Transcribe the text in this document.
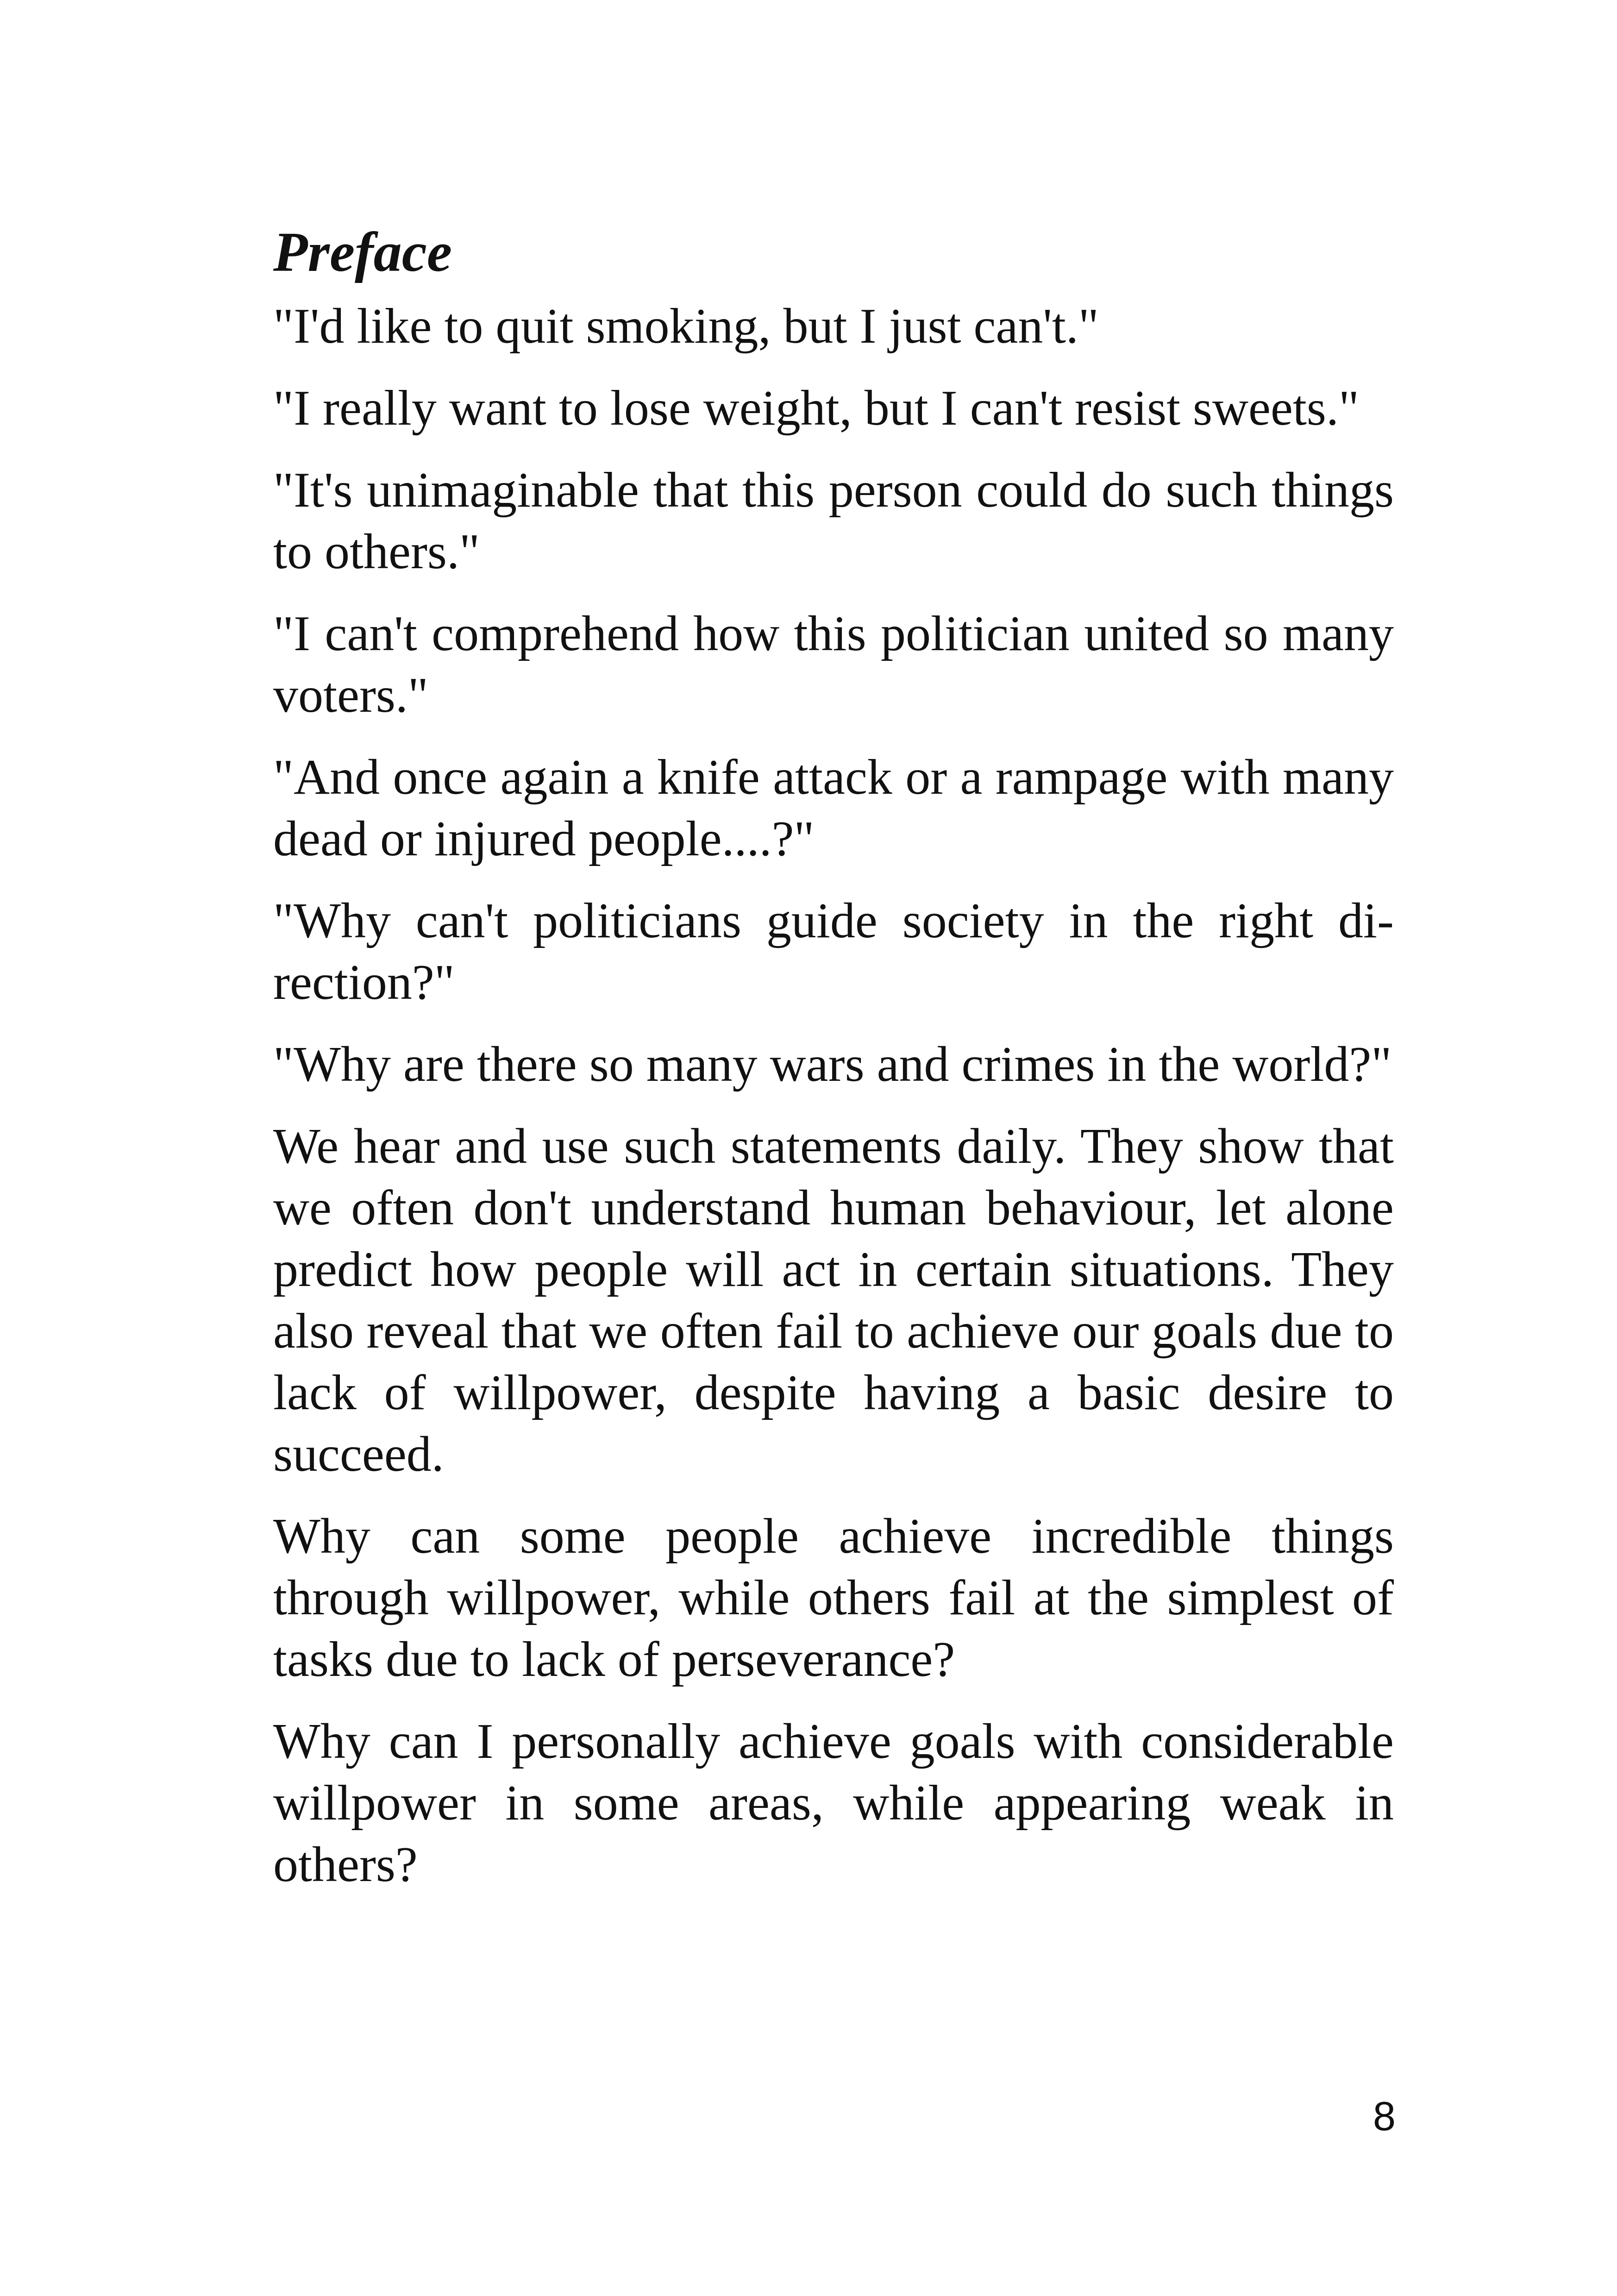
Preface

"I'd like to quit smoking, but I just can't."

"I really want to lose weight, but I can't resist sweets."

"It's unimaginable that this person could do such things to others."

"I can't comprehend how this politician united so many voters."

"And once again a knife attack or a rampage with many dead or injured people....?"

"Why can't politicians guide society in the right direction?"

"Why are there so many wars and crimes in the world?"

We hear and use such statements daily. They show that we often don't understand human behaviour, let alone predict how people will act in certain situations. They also reveal that we often fail to achieve our goals due to lack of willpower, despite having a basic desire to succeed.

Why can some people achieve incredible things through willpower, while others fail at the simplest of tasks due to lack of perseverance?

Why can I personally achieve goals with considerable willpower in some areas, while appearing weak in others?

8
